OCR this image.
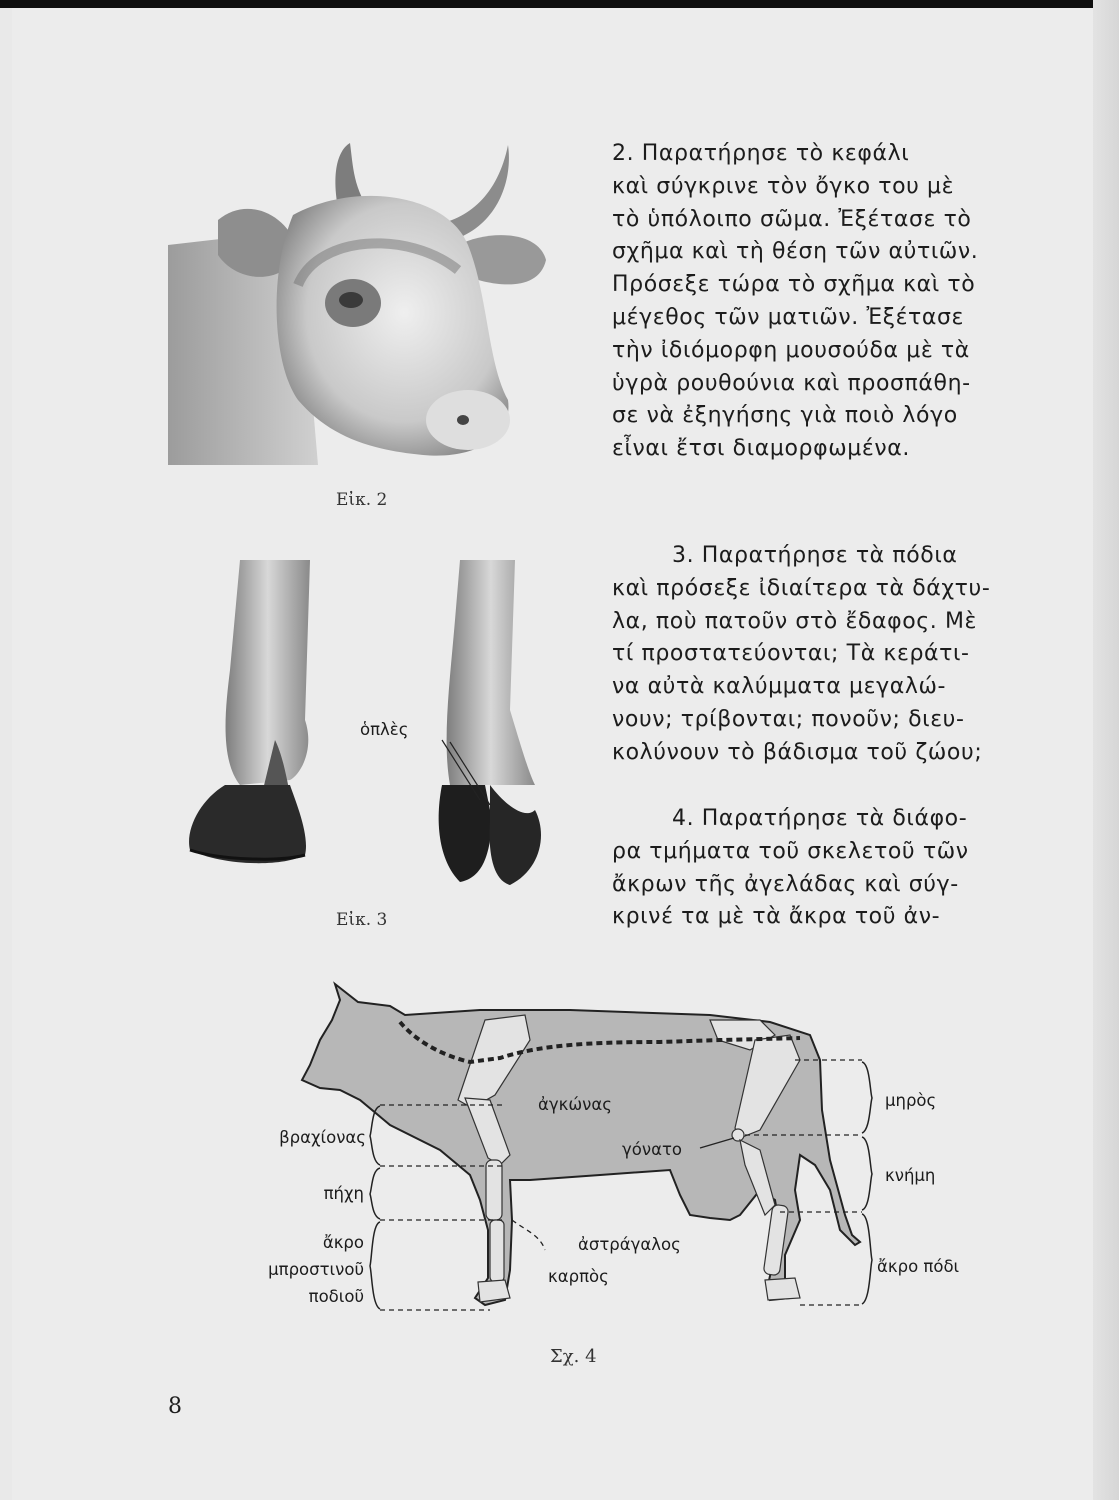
Εἰκ. 2

2. Παρατήρησε τὸ κεφάλι
καὶ σύγκρινε τὸν ὄγκο του μὲ
τὸ ὑπόλοιπο σῶμα. Ἐξέτασε τὸ
σχῆμα καὶ τὴ θέση τῶν αὐτιῶν.
Πρόσεξε τώρα τὸ σχῆμα καὶ τὸ
μέγεθος τῶν ματιῶν. Ἐξέτασε
τὴν ἰδιόμορφη μουσούδα μὲ τὰ
ὑγρὰ ρουθούνια καὶ προσπάθη-
σε νὰ ἐξηγήσης γιὰ ποιὸ λόγο
εἶναι ἔτσι διαμορφωμένα.

ὁπλὲς
Εἰκ. 3

3. Παρατήρησε τὰ πόδια
καὶ πρόσεξε ἰδιαίτερα τὰ δάχτυ-
λα, ποὺ πατοῦν στὸ ἔδαφος. Μὲ
τί προστατεύονται; Τὰ κεράτι-
να αὐτὰ καλύμματα μεγαλώ-
νουν; τρίβονται; πονοῦν; διευ-
κολύνουν τὸ βάδισμα τοῦ ζώου;

4. Παρατήρησε τὰ διάφο-
ρα τμήματα τοῦ σκελετοῦ τῶν
ἄκρων τῆς ἀγελάδας καὶ σύγ-
κρινέ τα μὲ τὰ ἄκρα τοῦ ἀν-

βραχίονας
πήχη
ἄκρο
μπροστινοῦ
ποδιοῦ
ἀγκώνας
γόνατο
ἀστράγαλος
καρπὸς
μηρὸς
κνήμη
ἄκρο πόδι
Σχ. 4
8
